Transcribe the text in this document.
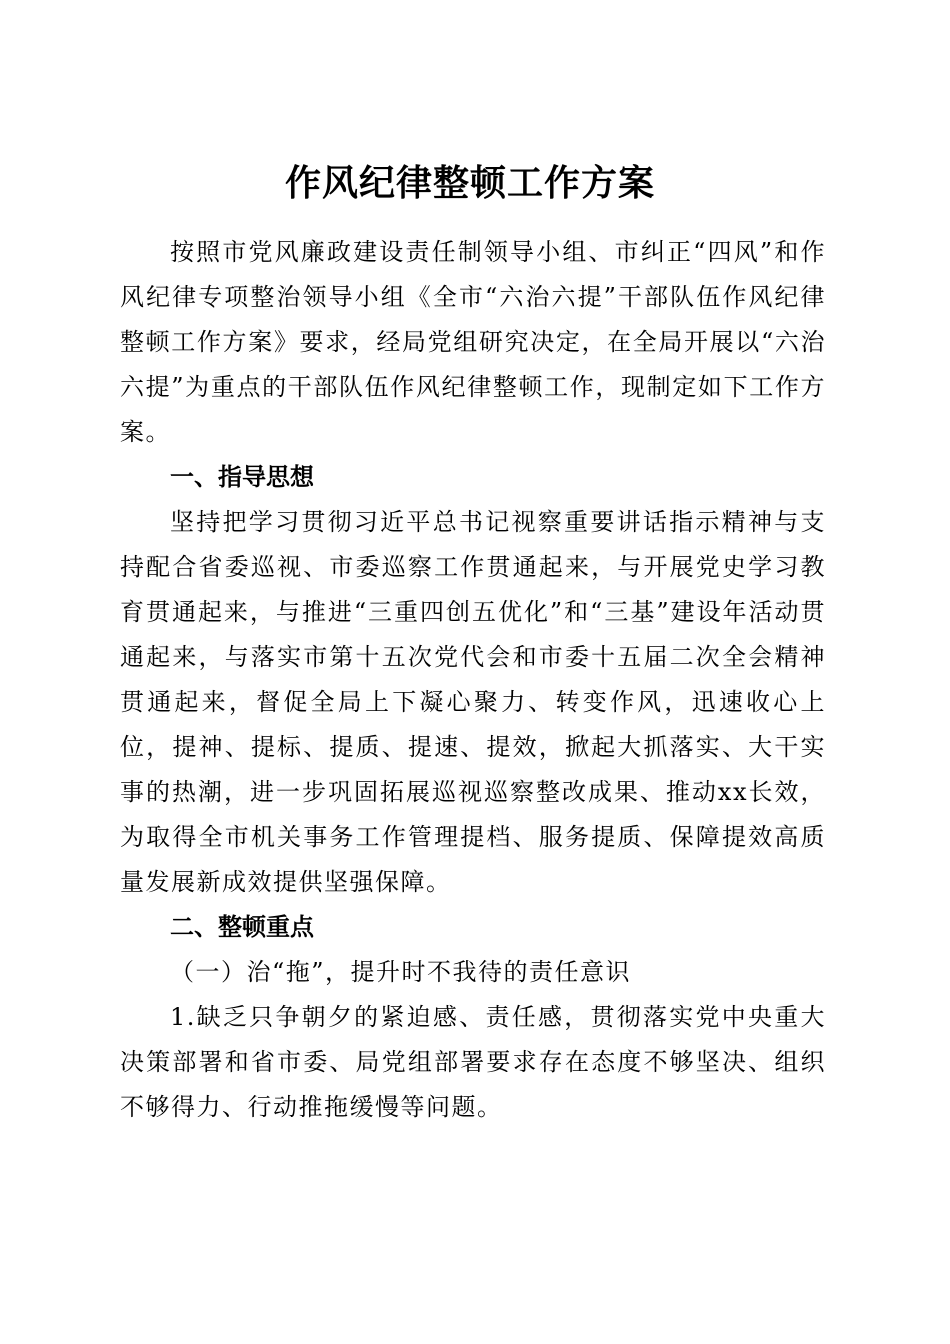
作风纪律整顿工作方案

按照市党风廉政建设责任制领导小组、市纠正“四风”和作风纪律专项整治领导小组《全市“六治六提”干部队伍作风纪律整顿工作方案》要求，经局党组研究决定，在全局开展以“六治六提”为重点的干部队伍作风纪律整顿工作，现制定如下工作方案。

一、指导思想

坚持把学习贯彻习近平总书记视察重要讲话指示精神与支持配合省委巡视、市委巡察工作贯通起来，与开展党史学习教育贯通起来，与推进“三重四创五优化”和“三基”建设年活动贯通起来，与落实市第十五次党代会和市委十五届二次全会精神贯通起来，督促全局上下凝心聚力、转变作风，迅速收心上位，提神、提标、提质、提速、提效，掀起大抓落实、大干实事的热潮，进一步巩固拓展巡视巡察整改成果、推动xx长效，为取得全市机关事务工作管理提档、服务提质、保障提效高质量发展新成效提供坚强保障。

二、整顿重点

（一）治“拖”，提升时不我待的责任意识

1.缺乏只争朝夕的紧迫感、责任感，贯彻落实党中央重大决策部署和省市委、局党组部署要求存在态度不够坚决、组织不够得力、行动推拖缓慢等问题。
